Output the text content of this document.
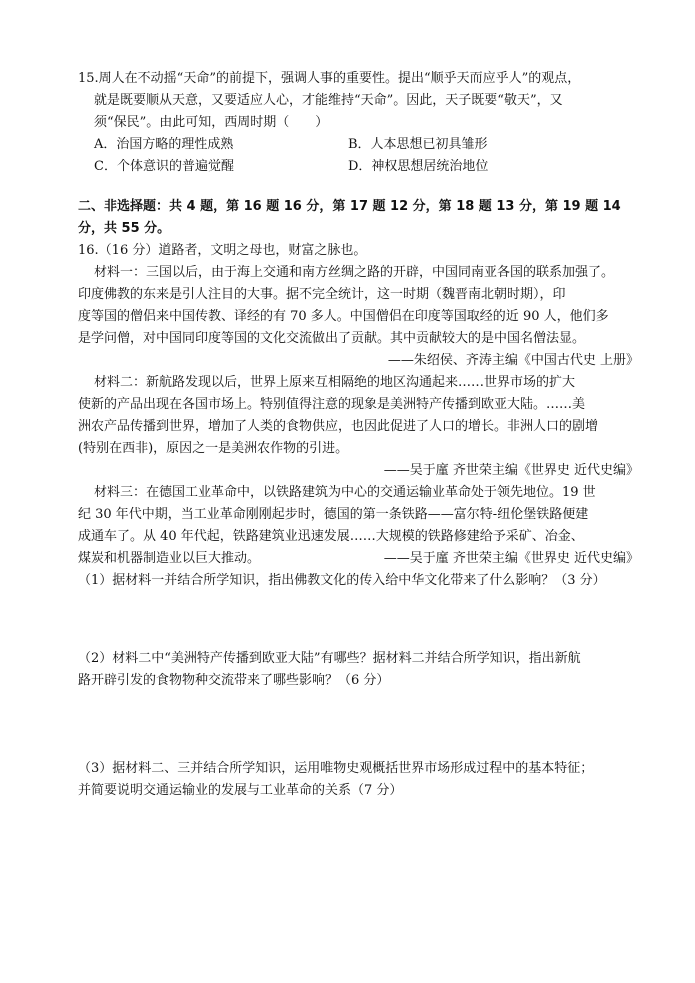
15.周人在不动摇“天命”的前提下，强调人事的重要性。提出“顺乎天而应乎人”的观点，
就是既要顺从天意，又要适应人心，才能维持“天命”。因此，天子既要“敬天”，又
须“保民”。由此可知，西周时期（　　）
A．治国方略的理性成熟	B．人本思想已初具雏形
C．个体意识的普遍觉醒	D．神权思想居统治地位
二、非选择题：共 4 题，第 16 题 16 分，第 17 题 12 分，第 18 题 13 分，第 19 题 14
分，共 55 分。
16.（16 分）道路者，文明之母也，财富之脉也。
材料一：三国以后，由于海上交通和南方丝绸之路的开辟，中国同南亚各国的联系加强了。
印度佛教的东来是引人注目的大事。据不完全统计，这一时期（魏晋南北朝时期），印
度等国的僧侣来中国传教、译经的有 70 多人。中国僧侣在印度等国取经的近 90 人，他们多
是学问僧，对中国同印度等国的文化交流做出了贡献。其中贡献较大的是中国名僧法显。
——朱绍侯、齐涛主编《中国古代史 上册》
材料二：新航路发现以后，世界上原来互相隔绝的地区沟通起来……世界市场的扩大
使新的产品出现在各国市场上。特别值得注意的现象是美洲特产传播到欧亚大陆。……美
洲农产品传播到世界，增加了人类的食物供应，也因此促进了人口的增长。非洲人口的剧增
(特别在西非)，原因之一是美洲农作物的引进。
——吴于廑 齐世荣主编《世界史 近代史编》
材料三：在德国工业革命中，以铁路建筑为中心的交通运输业革命处于领先地位。19 世
纪 30 年代中期，当工业革命刚刚起步时，德国的第一条铁路——富尔特-纽伦堡铁路便建
成通车了。从 40 年代起，铁路建筑业迅速发展……大规模的铁路修建给予采矿、冶金、
煤炭和机器制造业以巨大推动。	——吴于廑 齐世荣主编《世界史 近代史编》
（1）据材料一并结合所学知识，指出佛教文化的传入给中华文化带来了什么影响？（3 分）
（2）材料二中“美洲特产传播到欧亚大陆”有哪些？据材料二并结合所学知识，指出新航
路开辟引发的食物物种交流带来了哪些影响？（6 分）
（3）据材料二、三并结合所学知识，运用唯物史观概括世界市场形成过程中的基本特征；
并简要说明交通运输业的发展与工业革命的关系（7 分）
